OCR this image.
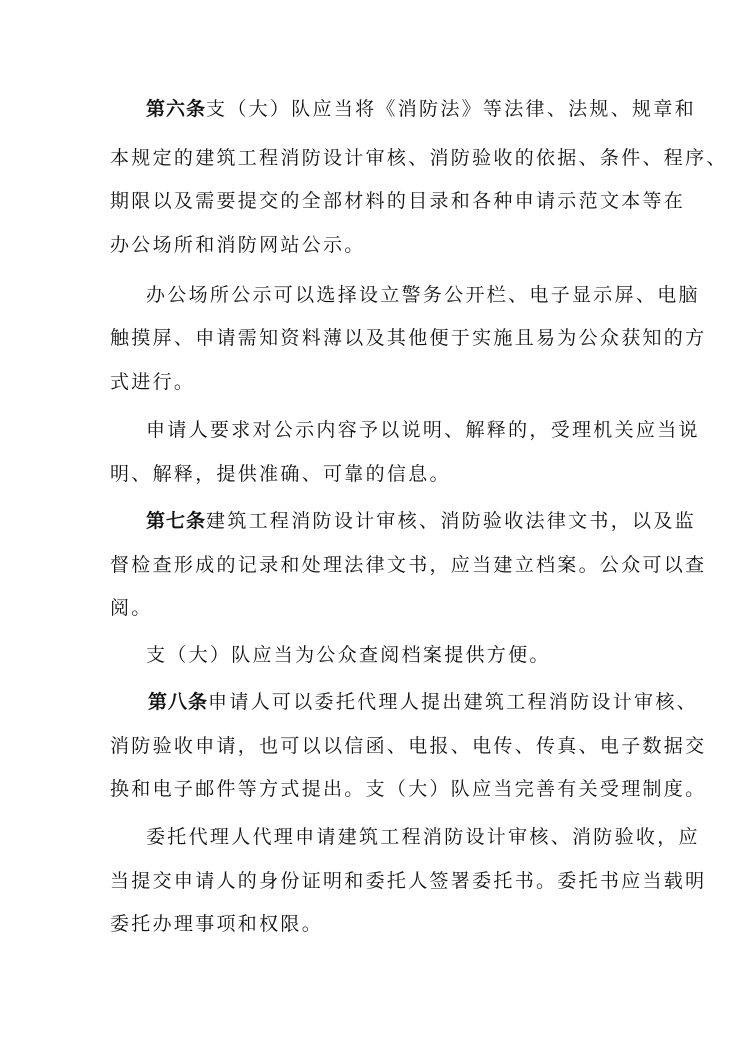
第六条支（大）队应当将《消防法》等法律、法规、规章和
本规定的建筑工程消防设计审核、消防验收的依据、条件、程序、
期限以及需要提交的全部材料的目录和各种申请示范文本等在
办公场所和消防网站公示。
办公场所公示可以选择设立警务公开栏、电子显示屏、电脑
触摸屏、申请需知资料薄以及其他便于实施且易为公众获知的方
式进行。
申请人要求对公示内容予以说明、解释的，受理机关应当说
明、解释，提供准确、可靠的信息。
第七条建筑工程消防设计审核、消防验收法律文书，以及监
督检查形成的记录和处理法律文书，应当建立档案。公众可以查
阅。
支（大）队应当为公众查阅档案提供方便。
第八条申请人可以委托代理人提出建筑工程消防设计审核、
消防验收申请，也可以以信函、电报、电传、传真、电子数据交
换和电子邮件等方式提出。支（大）队应当完善有关受理制度。
委托代理人代理申请建筑工程消防设计审核、消防验收，应
当提交申请人的身份证明和委托人签署委托书。委托书应当载明
委托办理事项和权限。
